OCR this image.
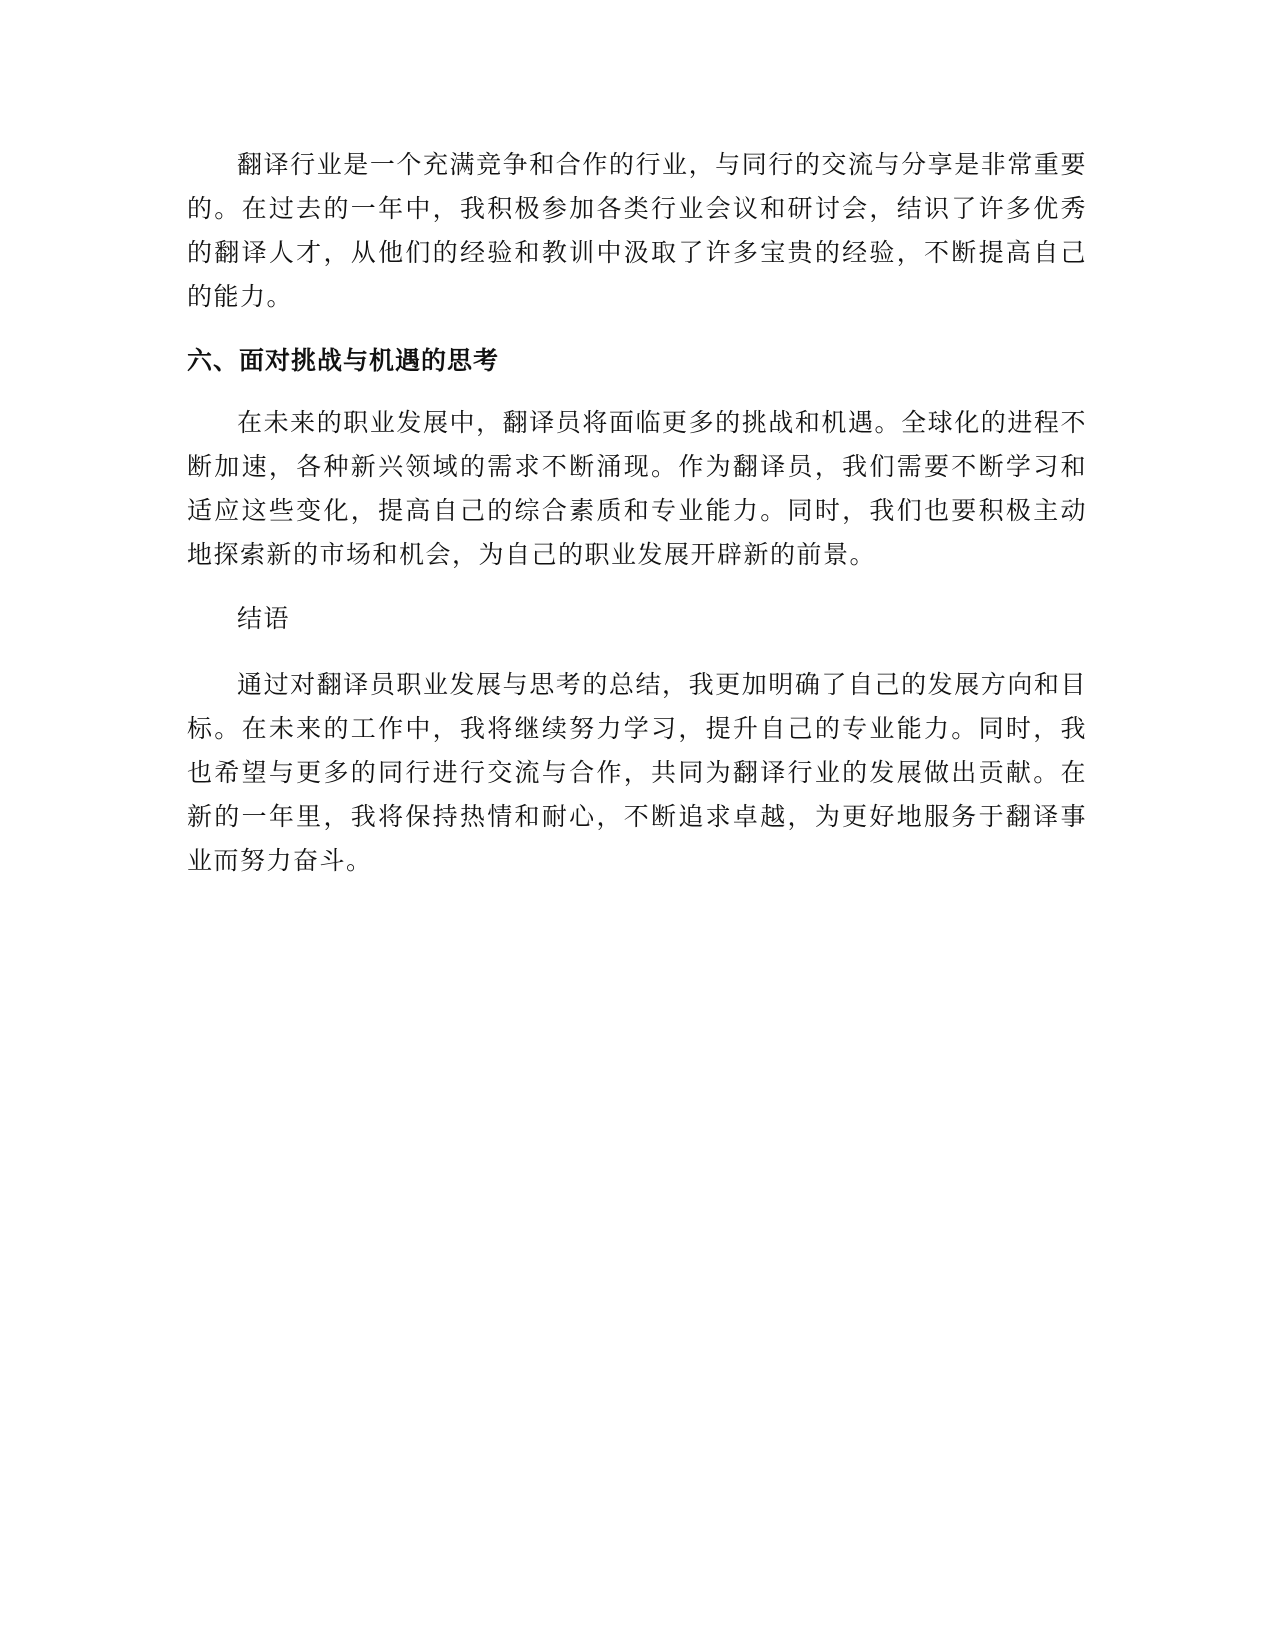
翻译行业是一个充满竞争和合作的行业，与同行的交流与分享是非常重要的。在过去的一年中，我积极参加各类行业会议和研讨会，结识了许多优秀的翻译人才，从他们的经验和教训中汲取了许多宝贵的经验，不断提高自己的能力。

六、面对挑战与机遇的思考

在未来的职业发展中，翻译员将面临更多的挑战和机遇。全球化的进程不断加速，各种新兴领域的需求不断涌现。作为翻译员，我们需要不断学习和适应这些变化，提高自己的综合素质和专业能力。同时，我们也要积极主动地探索新的市场和机会，为自己的职业发展开辟新的前景。

结语

通过对翻译员职业发展与思考的总结，我更加明确了自己的发展方向和目标。在未来的工作中，我将继续努力学习，提升自己的专业能力。同时，我也希望与更多的同行进行交流与合作，共同为翻译行业的发展做出贡献。在新的一年里，我将保持热情和耐心，不断追求卓越，为更好地服务于翻译事业而努力奋斗。
